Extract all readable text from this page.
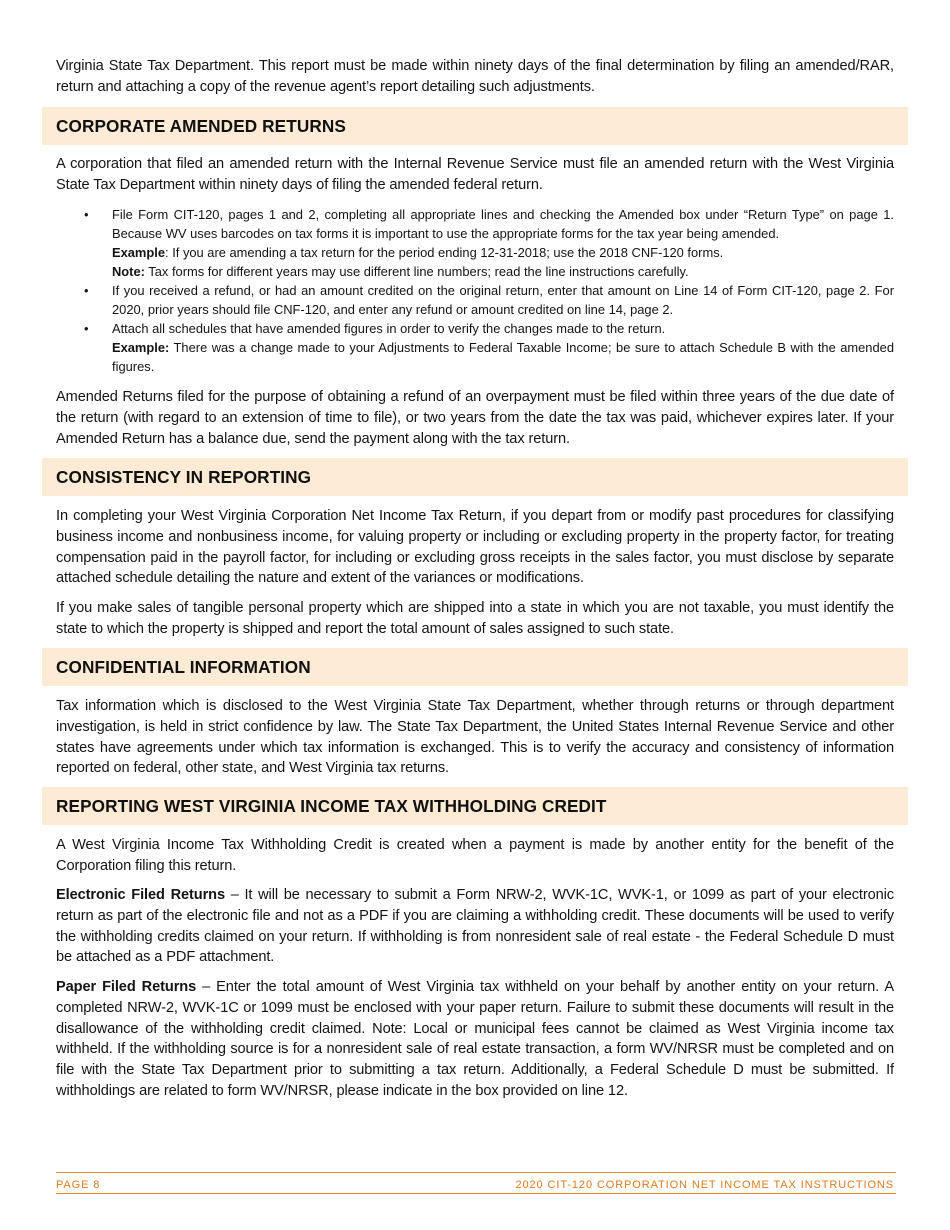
Virginia State Tax Department. This report must be made within ninety days of the final determination by filing an amended/RAR, return and attaching a copy of the revenue agent’s report detailing such adjustments.

CORPORATE AMENDED RETURNS

A corporation that filed an amended return with the Internal Revenue Service must file an amended return with the West Virginia State Tax Department within ninety days of filing the amended federal return.

• File Form CIT-120, pages 1 and 2, completing all appropriate lines and checking the Amended box under “Return Type” on page 1. Because WV uses barcodes on tax forms it is important to use the appropriate forms for the tax year being amended.
Example: If you are amending a tax return for the period ending 12-31-2018; use the 2018 CNF-120 forms.
Note: Tax forms for different years may use different line numbers; read the line instructions carefully.
• If you received a refund, or had an amount credited on the original return, enter that amount on Line 14 of Form CIT-120, page 2. For 2020, prior years should file CNF-120, and enter any refund or amount credited on line 14, page 2.
• Attach all schedules that have amended figures in order to verify the changes made to the return.
Example: There was a change made to your Adjustments to Federal Taxable Income; be sure to attach Schedule B with the amended figures.

Amended Returns filed for the purpose of obtaining a refund of an overpayment must be filed within three years of the due date of the return (with regard to an extension of time to file), or two years from the date the tax was paid, whichever expires later. If your Amended Return has a balance due, send the payment along with the tax return.

CONSISTENCY IN REPORTING

In completing your West Virginia Corporation Net Income Tax Return, if you depart from or modify past procedures for classifying business income and nonbusiness income, for valuing property or including or excluding property in the property factor, for treating compensation paid in the payroll factor, for including or excluding gross receipts in the sales factor, you must disclose by separate attached schedule detailing the nature and extent of the variances or modifications.

If you make sales of tangible personal property which are shipped into a state in which you are not taxable, you must identify the state to which the property is shipped and report the total amount of sales assigned to such state.

CONFIDENTIAL INFORMATION

Tax information which is disclosed to the West Virginia State Tax Department, whether through returns or through department investigation, is held in strict confidence by law. The State Tax Department, the United States Internal Revenue Service and other states have agreements under which tax information is exchanged. This is to verify the accuracy and consistency of information reported on federal, other state, and West Virginia tax returns.

REPORTING WEST VIRGINIA INCOME TAX WITHHOLDING CREDIT

A West Virginia Income Tax Withholding Credit is created when a payment is made by another entity for the benefit of the Corporation filing this return.

Electronic Filed Returns – It will be necessary to submit a Form NRW-2, WVK-1C, WVK-1, or 1099 as part of your electronic return as part of the electronic file and not as a PDF if you are claiming a withholding credit. These documents will be used to verify the withholding credits claimed on your return. If withholding is from nonresident sale of real estate - the Federal Schedule D must be attached as a PDF attachment.

Paper Filed Returns – Enter the total amount of West Virginia tax withheld on your behalf by another entity on your return. A completed NRW-2, WVK-1C or 1099 must be enclosed with your paper return. Failure to submit these documents will result in the disallowance of the withholding credit claimed. Note: Local or municipal fees cannot be claimed as West Virginia income tax withheld. If the withholding source is for a nonresident sale of real estate transaction, a form WV/NRSR must be completed and on file with the State Tax Department prior to submitting a tax return. Additionally, a Federal Schedule D must be submitted. If withholdings are related to form WV/NRSR, please indicate in the box provided on line 12.

PAGE 8	2020 CIT-120 CORPORATION NET INCOME TAX INSTRUCTIONS
